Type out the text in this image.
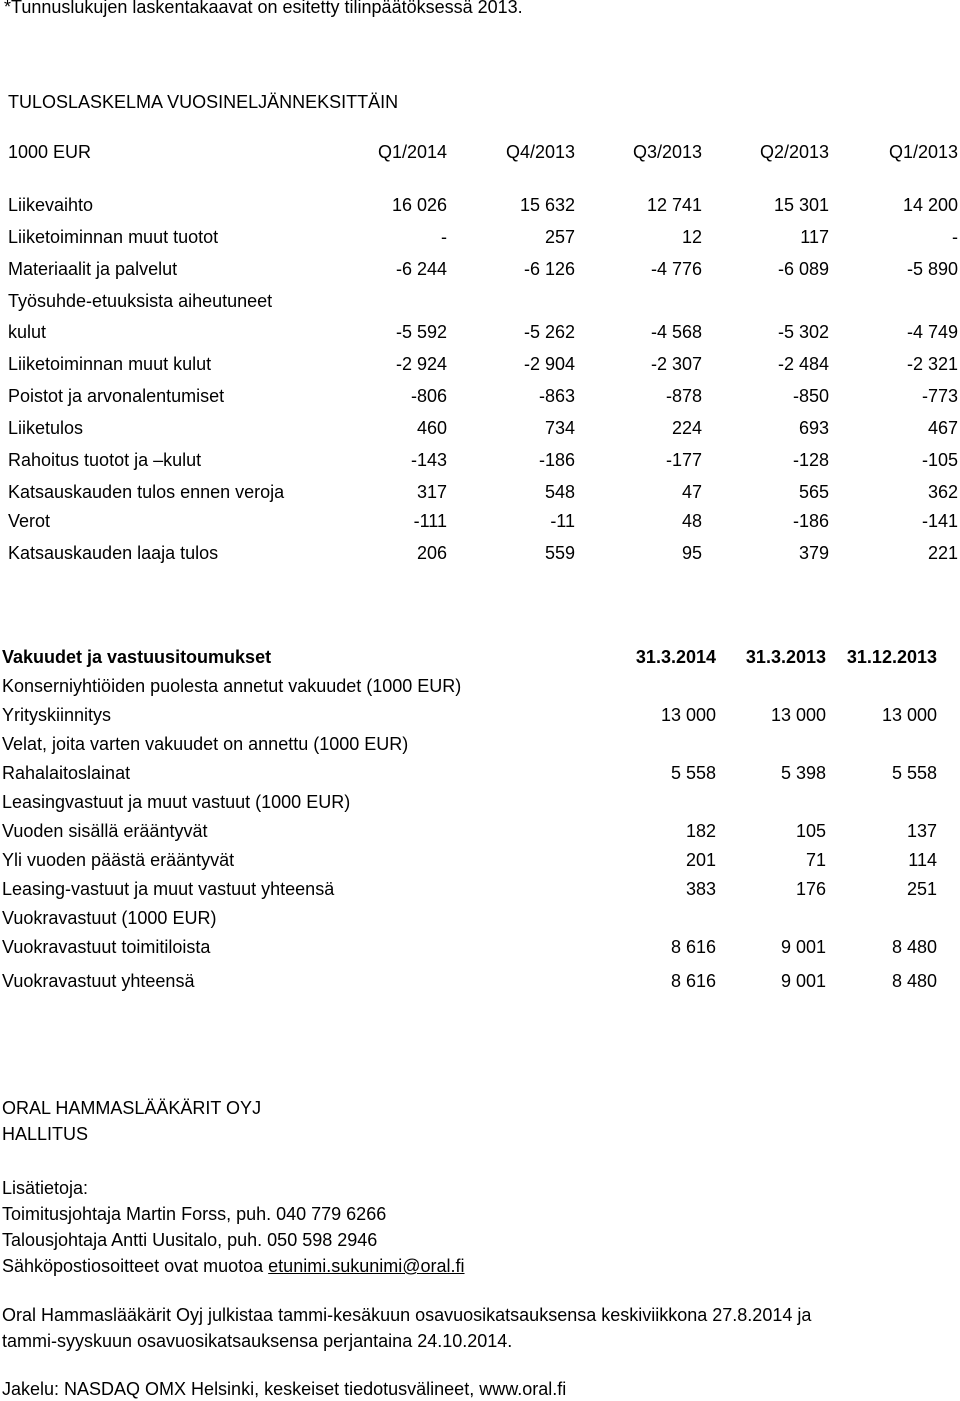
*Tunnuslukujen laskentakaavat on esitetty tilinpäätöksessä 2013.
TULOSLASKELMA VUOSINELJÄNNEKSITTÄIN
1000 EUR	Q1/2014	Q4/2013	Q3/2013	Q2/2013	Q1/2013
Liikevaihto	16 026	15 632	12 741	15 301	14 200
Liiketoiminnan muut tuotot	-	257	12	117	-
Materiaalit ja palvelut	-6 244	-6 126	-4 776	-6 089	-5 890
Työsuhde-etuuksista aiheutuneet
kulut	-5 592	-5 262	-4 568	-5 302	-4 749
Liiketoiminnan muut kulut	-2 924	-2 904	-2 307	-2 484	-2 321
Poistot ja arvonalentumiset	-806	-863	-878	-850	-773
Liiketulos	460	734	224	693	467
Rahoitus tuotot ja –kulut	-143	-186	-177	-128	-105
Katsauskauden tulos ennen veroja	317	548	47	565	362
Verot	-111	-11	48	-186	-141
Katsauskauden laaja tulos	206	559	95	379	221
Vakuudet ja vastuusitoumukset	31.3.2014 31.3.2013 31.12.2013
Konserniyhtiöiden puolesta annetut vakuudet (1000 EUR)
Yrityskiinnitys	13 000	13 000	13 000
Velat, joita varten vakuudet on annettu (1000 EUR)
Rahalaitoslainat	5 558	5 398	5 558
Leasingvastuut ja muut vastuut (1000 EUR)
Vuoden sisällä erääntyvät	182	105	137
Yli vuoden päästä erääntyvät	201	71	114
Leasing-vastuut ja muut vastuut yhteensä	383	176	251
Vuokravastuut (1000 EUR)
Vuokravastuut toimitiloista	8 616	9 001	8 480
Vuokravastuut yhteensä	8 616	9 001	8 480
ORAL HAMMASLÄÄKÄRIT OYJ
HALLITUS
Lisätietoja:
Toimitusjohtaja Martin Forss, puh. 040 779 6266
Talousjohtaja Antti Uusitalo, puh. 050 598 2946
Sähköpostiosoitteet ovat muotoa etunimi.sukunimi@oral.fi
Oral Hammaslääkärit Oyj julkistaa tammi-kesäkuun osavuosikatsauksensa keskiviikkona 27.8.2014 ja
tammi-syyskuun osavuosikatsauksensa perjantaina 24.10.2014.
Jakelu: NASDAQ OMX Helsinki, keskeiset tiedotusvälineet, www.oral.fi
